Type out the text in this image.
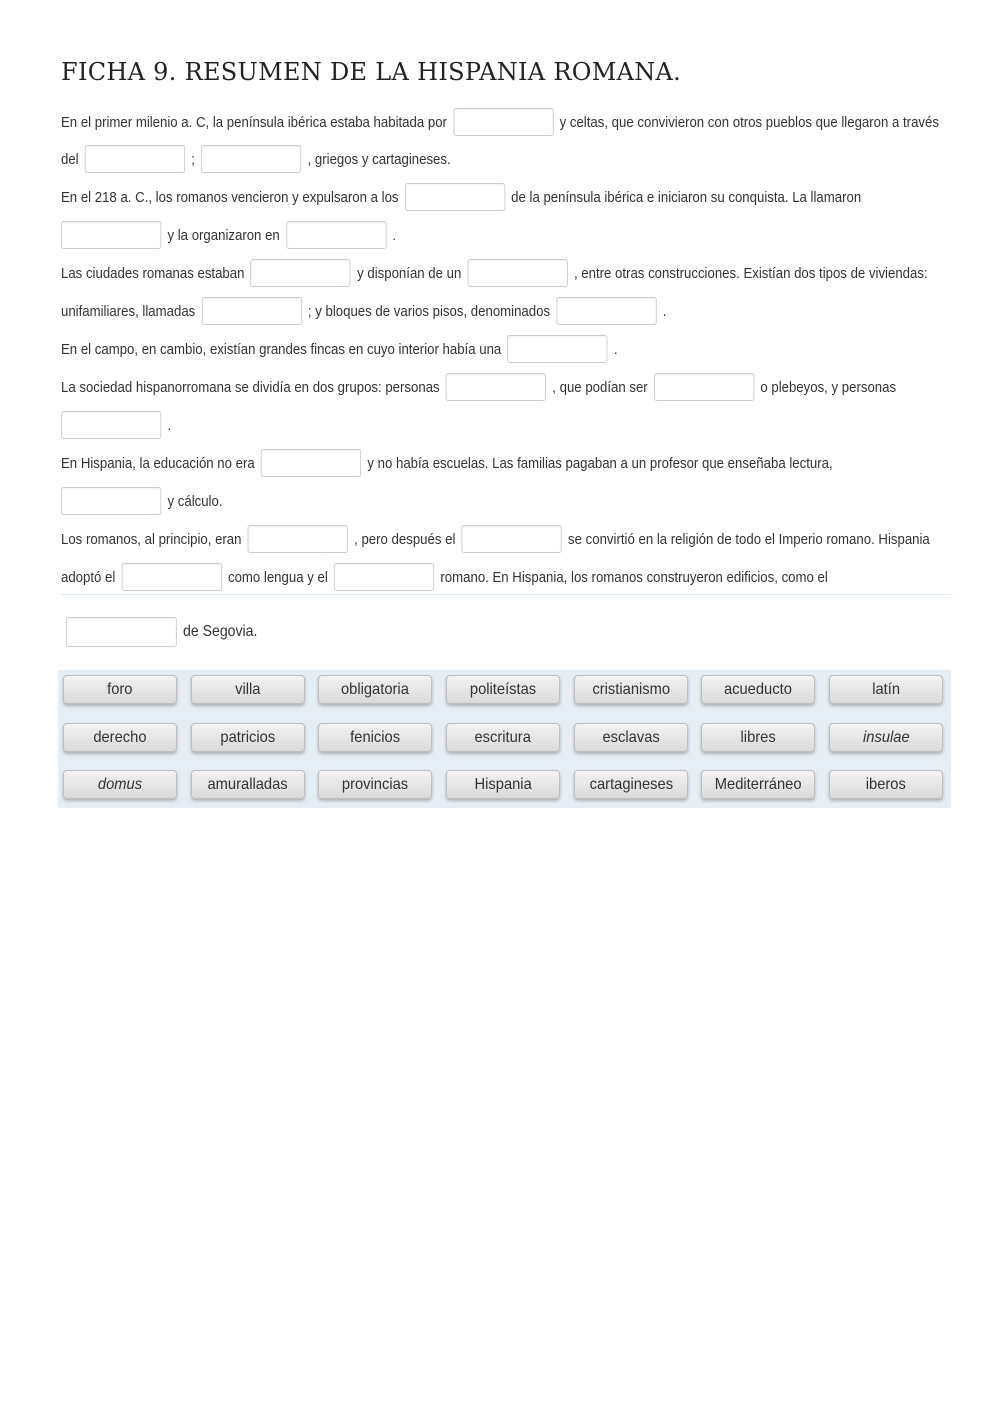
FICHA 9. RESUMEN DE LA HISPANIA ROMANA.
En el primer milenio a. C, la península ibérica estaba habitada por	y celtas, que convivieron con otros pueblos que llegaron a través
del	;	, griegos y cartagineses.
En el 218 a. C., los romanos vencieron y expulsaron a los	de la península ibérica e iniciaron su conquista. La llamaron
y la organizaron en	.
Las ciudades romanas estaban	y disponían de un	, entre otras construcciones. Existían dos tipos de viviendas:
unifamiliares, llamadas	; y bloques de varios pisos, denominados	.
En el campo, en cambio, existían grandes fincas en cuyo interior había una	.
La sociedad hispanorromana se dividía en dos grupos: personas	, que podían ser	o plebeyos, y personas
.
En Hispania, la educación no era	y no había escuelas. Las familias pagaban a un profesor que enseñaba lectura,
y cálculo.
Los romanos, al principio, eran	, pero después el	se convirtió en la religión de todo el Imperio romano. Hispania
adoptó el	como lengua y el	romano. En Hispania, los romanos construyeron edificios, como el
de Segovia.
foro	villa	obligatoria	politeístas	cristianismo	acueducto	latín
derecho	patricios	fenicios	escritura	esclavas	libres	insulae
domus	amuralladas	provincias	Hispania	cartagineses	Mediterráneo	iberos
